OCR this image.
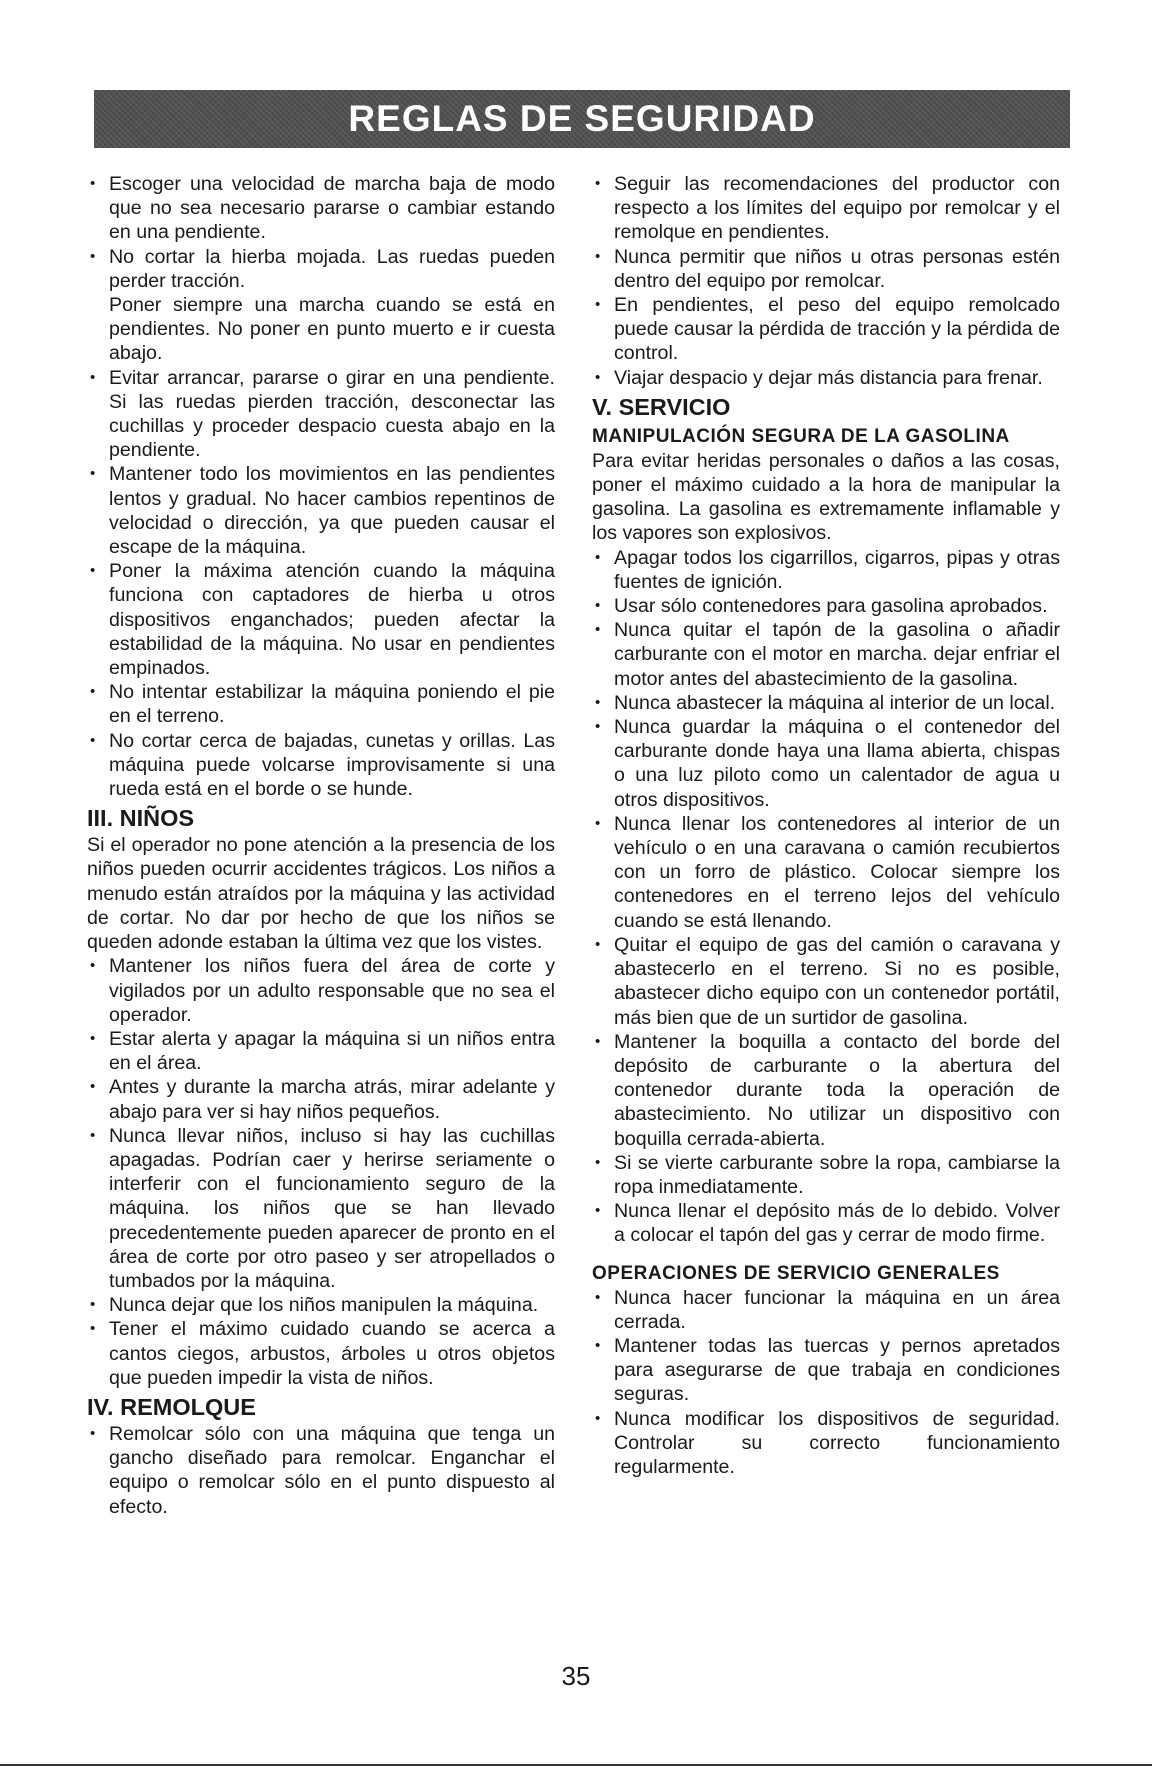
REGLAS DE SEGURIDAD
• Escoger una velocidad de marcha baja de modo que no sea necesario pararse o cambiar estando en una pendiente.
• No cortar la hierba mojada. Las ruedas pueden perder tracción.

Poner siempre una marcha cuando se está en pendientes. No poner en punto muerto e ir cuesta abajo.

• Evitar arrancar, pararse o girar en una pendiente. Si las ruedas pierden tracción, desconectar las cuchillas y proceder despacio cuesta abajo en la pendiente.
• Mantener todo los movimientos en las pendientes lentos y gradual. No hacer cambios repentinos de velocidad o dirección, ya que pueden causar el escape de la máquina.
• Poner la máxima atención cuando la máquina funciona con captadores de hierba u otros dispositivos enganchados; pueden afectar la estabilidad de la máquina. No usar en pendientes empinados.
• No intentar estabilizar la máquina poniendo el pie en el terreno.
• No cortar cerca de bajadas, cunetas y orillas. Las máquina puede volcarse improvisamente si una rueda está en el borde o se hunde.
III. NIÑOS

Si el operador no pone atención a la presencia de los niños pueden ocurrir accidentes trágicos. Los niños a menudo están atraídos por la máquina y las actividad de cortar. No dar por hecho de que los niños se queden adonde estaban la última vez que los vistes.

• Mantener los niños fuera del área de corte y vigilados por un adulto responsable que no sea el operador.
• Estar alerta y apagar la máquina si un niños entra en el área.
• Antes y durante la marcha atrás, mirar adelante y abajo para ver si hay niños pequeños.
• Nunca llevar niños, incluso si hay las cuchillas apagadas. Podrían caer y herirse seriamente o interferir con el funcionamiento seguro de la máquina. los niños que se han llevado precedentemente pueden aparecer de pronto en el área de corte por otro paseo y ser atropellados o tumbados por la máquina.
• Nunca dejar que los niños manipulen la máquina.
• Tener el máximo cuidado cuando se acerca a cantos ciegos, arbustos, árboles u otros objetos que pueden impedir la vista de niños.
IV. REMOLQUE
• Remolcar sólo con una máquina que tenga un gancho diseñado para remolcar. Enganchar el equipo o remolcar sólo en el punto dispuesto al efecto.
• Seguir las recomendaciones del productor con respecto a los límites del equipo por remolcar y el remolque en pendientes.
• Nunca permitir que niños u otras personas estén dentro del equipo por remolcar.
• En pendientes, el peso del equipo remolcado puede causar la pérdida de tracción y la pérdida de control.
• Viajar despacio y dejar más distancia para frenar.
V. SERVICIO
MANIPULACIÓN SEGURA DE LA GASOLINA

Para evitar heridas personales o daños a las cosas, poner el máximo cuidado a la hora de manipular la gasolina. La gasolina es extremamente inflamable y los vapores son explosivos.

• Apagar todos los cigarrillos, cigarros, pipas y otras fuentes de ignición.
• Usar sólo contenedores para gasolina aprobados.
• Nunca quitar el tapón de la gasolina o añadir carburante con el motor en marcha. dejar enfriar el motor antes del abastecimiento de la gasolina.
• Nunca abastecer la máquina al interior de un local.
• Nunca guardar la máquina o el contenedor del carburante donde haya una llama abierta, chispas o una luz piloto como un calentador de agua u otros dispositivos.
• Nunca llenar los contenedores al interior de un vehículo o en una caravana o camión recubiertos con un forro de plástico. Colocar siempre los contenedores en el terreno lejos del vehículo cuando se está llenando.
• Quitar el equipo de gas del camión o caravana y abastecerlo en el terreno. Si no es posible, abastecer dicho equipo con un contenedor portátil, más bien que de un surtidor de gasolina.
• Mantener la boquilla a contacto del borde del depósito de carburante o la abertura del contenedor durante toda la operación de abastecimiento. No utilizar un dispositivo con boquilla cerrada-abierta.
• Si se vierte carburante sobre la ropa, cambiarse la ropa inmediatamente.
• Nunca llenar el depósito más de lo debido. Volver a colocar el tapón del gas y cerrar de modo firme.
OPERACIONES DE SERVICIO GENERALES
• Nunca hacer funcionar la máquina en un área cerrada.
• Mantener todas las tuercas y pernos apretados para asegurarse de que trabaja en condiciones seguras.
• Nunca modificar los dispositivos de seguridad. Controlar su correcto funcionamiento regularmente.
35
